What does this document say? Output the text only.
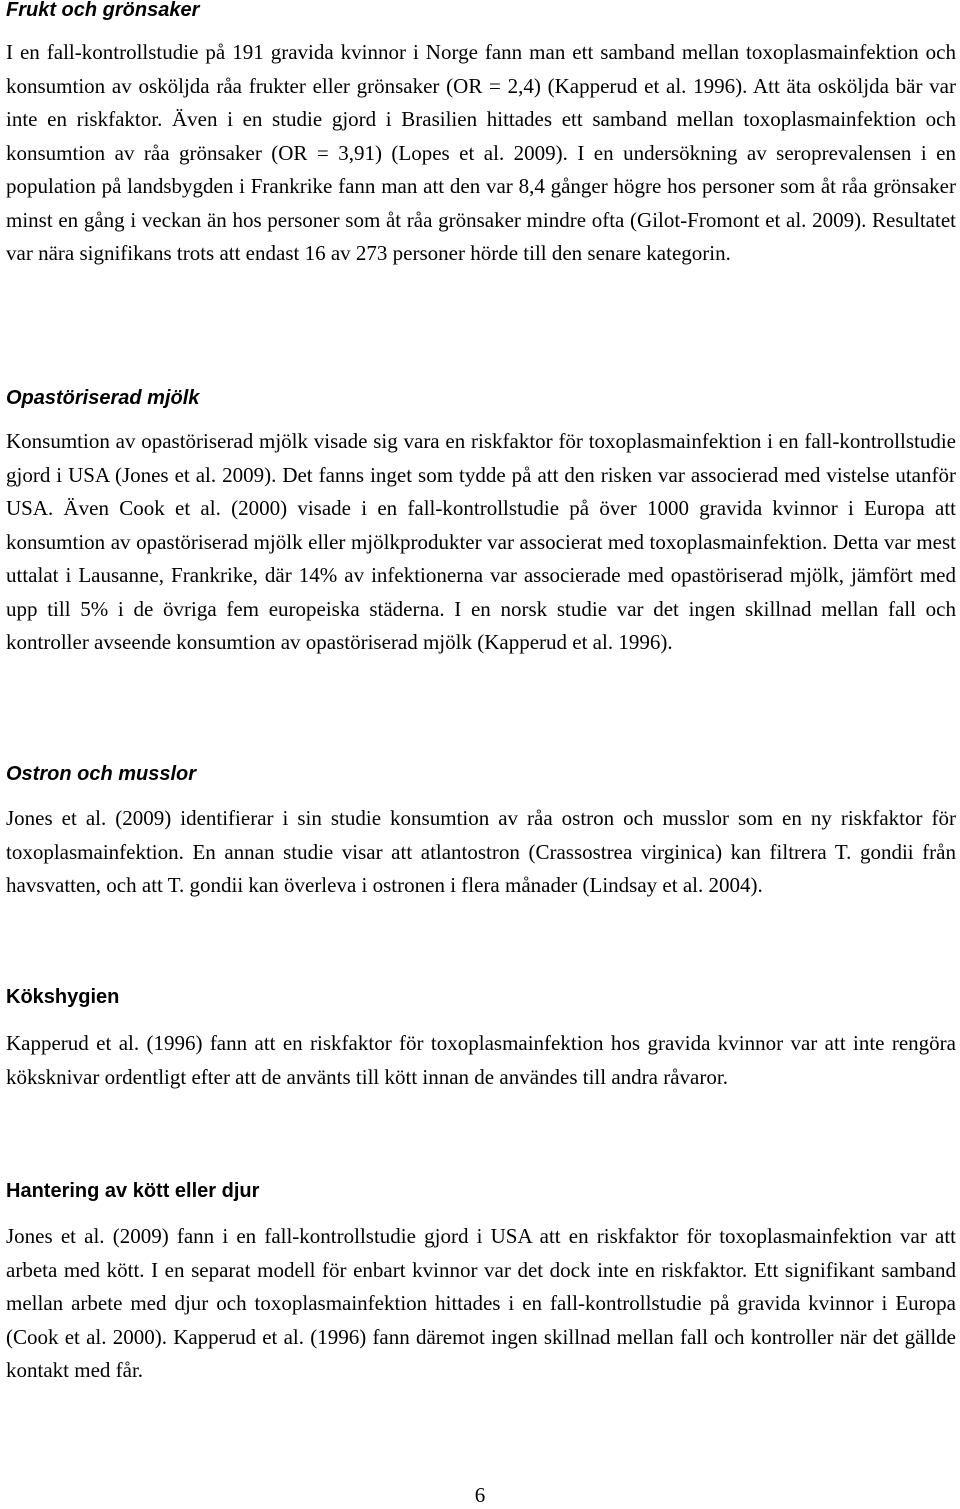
Frukt och grönsaker

I en fall-kontrollstudie på 191 gravida kvinnor i Norge fann man ett samband mellan toxoplasmainfektion och konsumtion av osköljda råa frukter eller grönsaker (OR = 2,4) (Kapperud et al. 1996). Att äta osköljda bär var inte en riskfaktor. Även i en studie gjord i Brasilien hittades ett samband mellan toxoplasmainfektion och konsumtion av råa grönsaker (OR = 3,91) (Lopes et al. 2009). I en undersökning av seroprevalensen i en population på landsbygden i Frankrike fann man att den var 8,4 gånger högre hos personer som åt råa grönsaker minst en gång i veckan än hos personer som åt råa grönsaker mindre ofta (Gilot-Fromont et al. 2009). Resultatet var nära signifikans trots att endast 16 av 273 personer hörde till den senare kategorin.

Opastöriserad mjölk

Konsumtion av opastöriserad mjölk visade sig vara en riskfaktor för toxoplasmainfektion i en fall-kontrollstudie gjord i USA (Jones et al. 2009). Det fanns inget som tydde på att den risken var associerad med vistelse utanför USA. Även Cook et al. (2000) visade i en fall-kontrollstudie på över 1000 gravida kvinnor i Europa att konsumtion av opastöriserad mjölk eller mjölkprodukter var associerat med toxoplasmainfektion. Detta var mest uttalat i Lausanne, Frankrike, där 14% av infektionerna var associerade med opastöriserad mjölk, jämfört med upp till 5% i de övriga fem europeiska städerna. I en norsk studie var det ingen skillnad mellan fall och kontroller avseende konsumtion av opastöriserad mjölk (Kapperud et al. 1996).

Ostron och musslor

Jones et al. (2009) identifierar i sin studie konsumtion av råa ostron och musslor som en ny riskfaktor för toxoplasmainfektion. En annan studie visar att atlantostron (Crassostrea virginica) kan filtrera T. gondii från havsvatten, och att T. gondii kan överleva i ostronen i flera månader (Lindsay et al. 2004).

Kökshygien

Kapperud et al. (1996) fann att en riskfaktor för toxoplasmainfektion hos gravida kvinnor var att inte rengöra köksknivar ordentligt efter att de använts till kött innan de användes till andra råvaror.

Hantering av kött eller djur

Jones et al. (2009) fann i en fall-kontrollstudie gjord i USA att en riskfaktor för toxoplasmainfektion var att arbeta med kött. I en separat modell för enbart kvinnor var det dock inte en riskfaktor. Ett signifikant samband mellan arbete med djur och toxoplasmainfektion hittades i en fall-kontrollstudie på gravida kvinnor i Europa (Cook et al. 2000). Kapperud et al. (1996) fann däremot ingen skillnad mellan fall och kontroller när det gällde kontakt med får.

6
